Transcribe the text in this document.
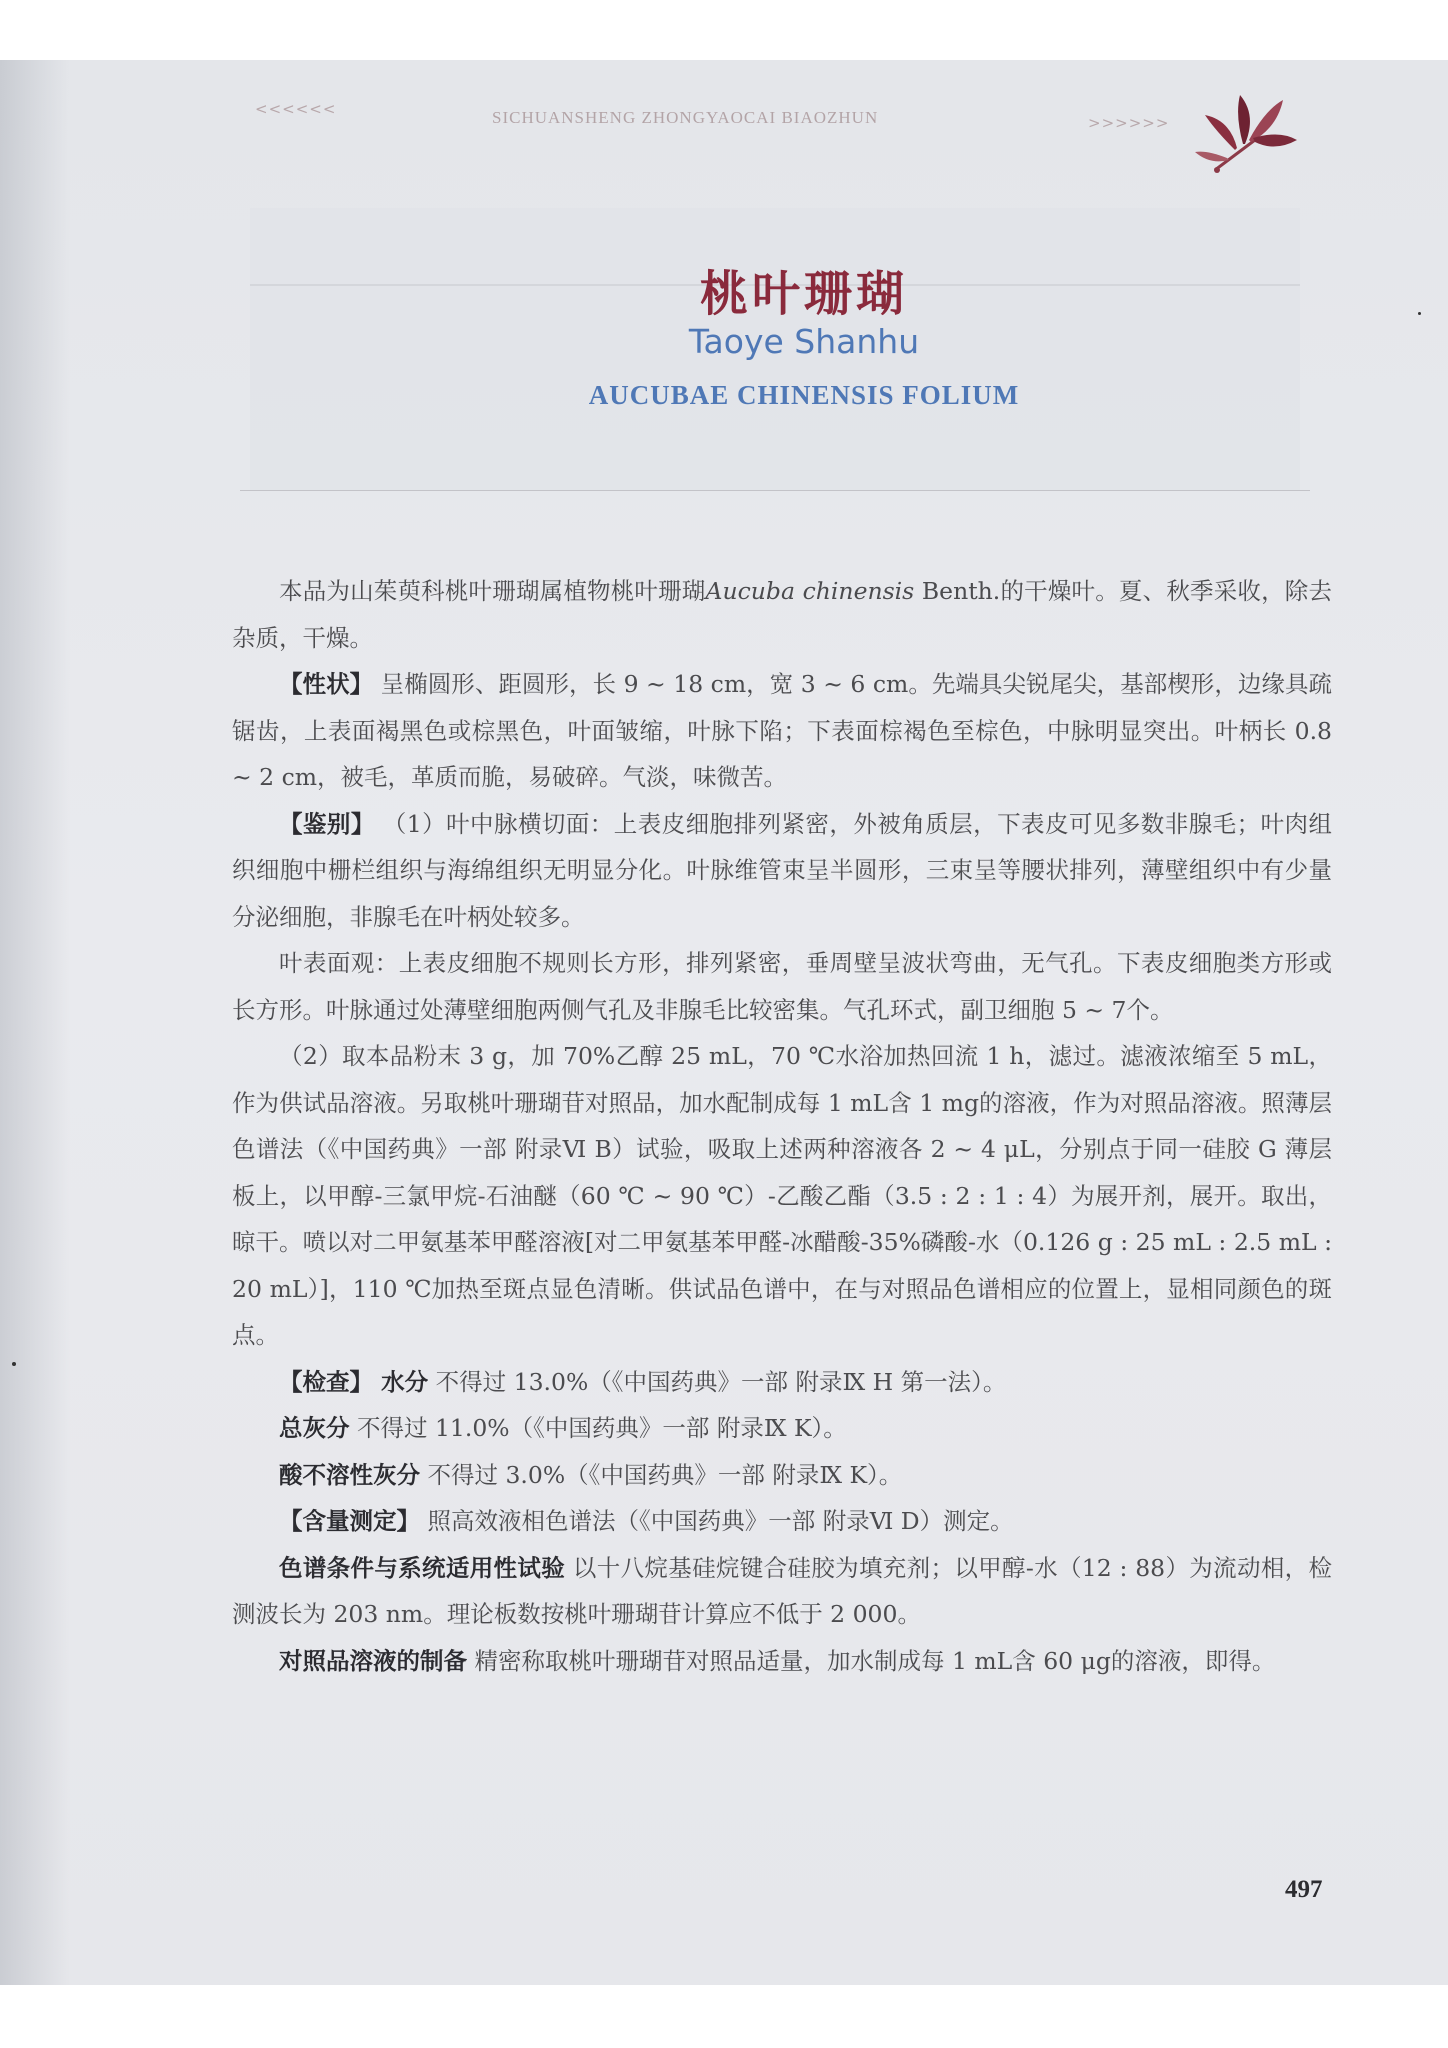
<<<<<<	SICHUANSHENG ZHONGYAOCAI BIAOZHUN	>>>>>>
桃叶珊瑚
Taoye Shanhu
AUCUBAE CHINENSIS FOLIUM

本品为山茱萸科桃叶珊瑚属植物桃叶珊瑚Aucuba chinensis Benth.的干燥叶。夏、秋季采收，除去杂质，干燥。

【性状】 呈椭圆形、距圆形，长 9 ~ 18 cm，宽 3 ~ 6 cm。先端具尖锐尾尖，基部楔形，边缘具疏锯齿，上表面褐黑色或棕黑色，叶面皱缩，叶脉下陷；下表面棕褐色至棕色，中脉明显突出。叶柄长 0.8 ~ 2 cm，被毛，革质而脆，易破碎。气淡，味微苦。

【鉴别】 （1）叶中脉横切面：上表皮细胞排列紧密，外被角质层，下表皮可见多数非腺毛；叶肉组织细胞中栅栏组织与海绵组织无明显分化。叶脉维管束呈半圆形，三束呈等腰状排列，薄壁组织中有少量分泌细胞，非腺毛在叶柄处较多。

叶表面观：上表皮细胞不规则长方形，排列紧密，垂周壁呈波状弯曲，无气孔。下表皮细胞类方形或长方形。叶脉通过处薄壁细胞两侧气孔及非腺毛比较密集。气孔环式，副卫细胞 5 ~ 7个。

（2）取本品粉末 3 g，加 70%乙醇 25 mL，70 ℃水浴加热回流 1 h，滤过。滤液浓缩至 5 mL，作为供试品溶液。另取桃叶珊瑚苷对照品，加水配制成每 1 mL含 1 mg的溶液，作为对照品溶液。照薄层色谱法（《中国药典》一部 附录Ⅵ B）试验，吸取上述两种溶液各 2 ~ 4 μL，分别点于同一硅胶 G 薄层板上，以甲醇-三氯甲烷-石油醚（60 ℃ ~ 90 ℃）-乙酸乙酯（3.5 : 2 : 1 : 4）为展开剂，展开。取出，晾干。喷以对二甲氨基苯甲醛溶液[对二甲氨基苯甲醛-冰醋酸-35%磷酸-水（0.126 g : 25 mL : 2.5 mL : 20 mL）]，110 ℃加热至斑点显色清晰。供试品色谱中，在与对照品色谱相应的位置上，显相同颜色的斑点。

【检查】 水分 不得过 13.0%（《中国药典》一部 附录Ⅸ H 第一法）。

总灰分 不得过 11.0%（《中国药典》一部 附录Ⅸ K）。

酸不溶性灰分 不得过 3.0%（《中国药典》一部 附录Ⅸ K）。

【含量测定】 照高效液相色谱法（《中国药典》一部 附录Ⅵ D）测定。

色谱条件与系统适用性试验 以十八烷基硅烷键合硅胶为填充剂；以甲醇-水（12 : 88）为流动相，检测波长为 203 nm。理论板数按桃叶珊瑚苷计算应不低于 2 000。

对照品溶液的制备 精密称取桃叶珊瑚苷对照品适量，加水制成每 1 mL含 60 μg的溶液，即得。

497
